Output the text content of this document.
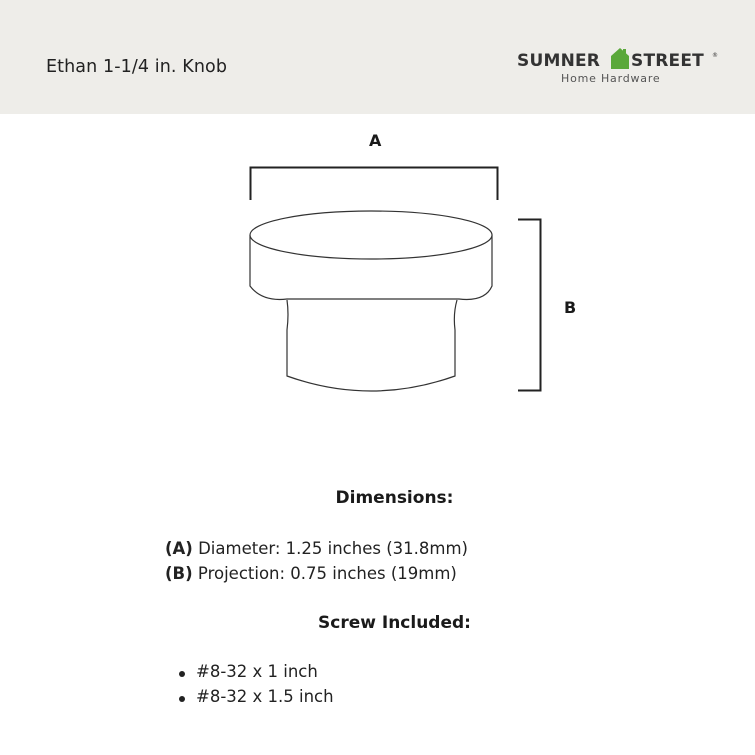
Ethan 1-1/4 in. Knob	SUMNER STREET ®
Home Hardware
A
B
Dimensions:
(A) Diameter: 1.25 inches (31.8mm)
(B) Projection: 0.75 inches (19mm)
Screw Included:
#8-32 x 1 inch
#8-32 x 1.5 inch
